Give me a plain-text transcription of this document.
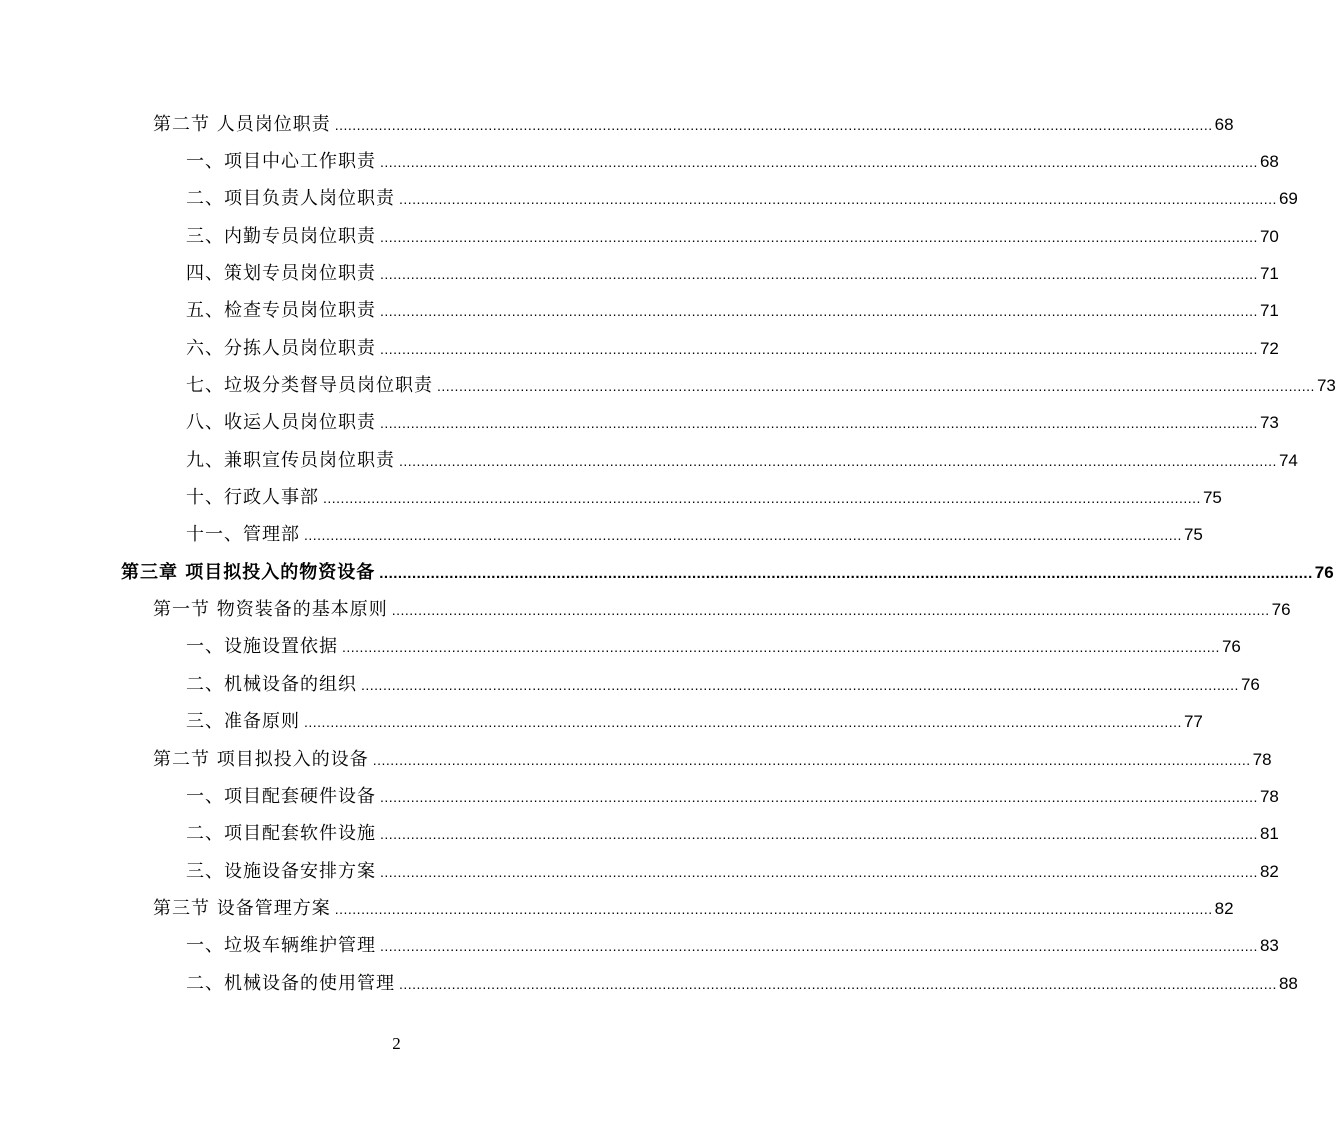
第二节 人员岗位职责 ........................................................................................................................................................................................................ 68
一、项目中心工作职责 ........................................................................................................................................................................................................ 68
二、项目负责人岗位职责 ........................................................................................................................................................................................................ 69
三、内勤专员岗位职责 ........................................................................................................................................................................................................ 70
四、策划专员岗位职责 ........................................................................................................................................................................................................ 71
五、检查专员岗位职责 ........................................................................................................................................................................................................ 71
六、分拣人员岗位职责 ........................................................................................................................................................................................................ 72
七、垃圾分类督导员岗位职责 ........................................................................................................................................................................................................ 73
八、收运人员岗位职责 ........................................................................................................................................................................................................ 73
九、兼职宣传员岗位职责 ........................................................................................................................................................................................................ 74
十、行政人事部 ........................................................................................................................................................................................................ 75
十一、管理部 ........................................................................................................................................................................................................ 75
第三章 项目拟投入的物资设备 ........................................................................................................................................................................................................ 76
第一节 物资装备的基本原则 ........................................................................................................................................................................................................ 76
一、设施设置依据 ........................................................................................................................................................................................................ 76
二、机械设备的组织 ........................................................................................................................................................................................................ 76
三、准备原则 ........................................................................................................................................................................................................ 77
第二节 项目拟投入的设备 ........................................................................................................................................................................................................ 78
一、项目配套硬件设备 ........................................................................................................................................................................................................ 78
二、项目配套软件设施 ........................................................................................................................................................................................................ 81
三、设施设备安排方案 ........................................................................................................................................................................................................ 82
第三节 设备管理方案 ........................................................................................................................................................................................................ 82
一、垃圾车辆维护管理 ........................................................................................................................................................................................................ 83
二、机械设备的使用管理 ........................................................................................................................................................................................................ 88
2
